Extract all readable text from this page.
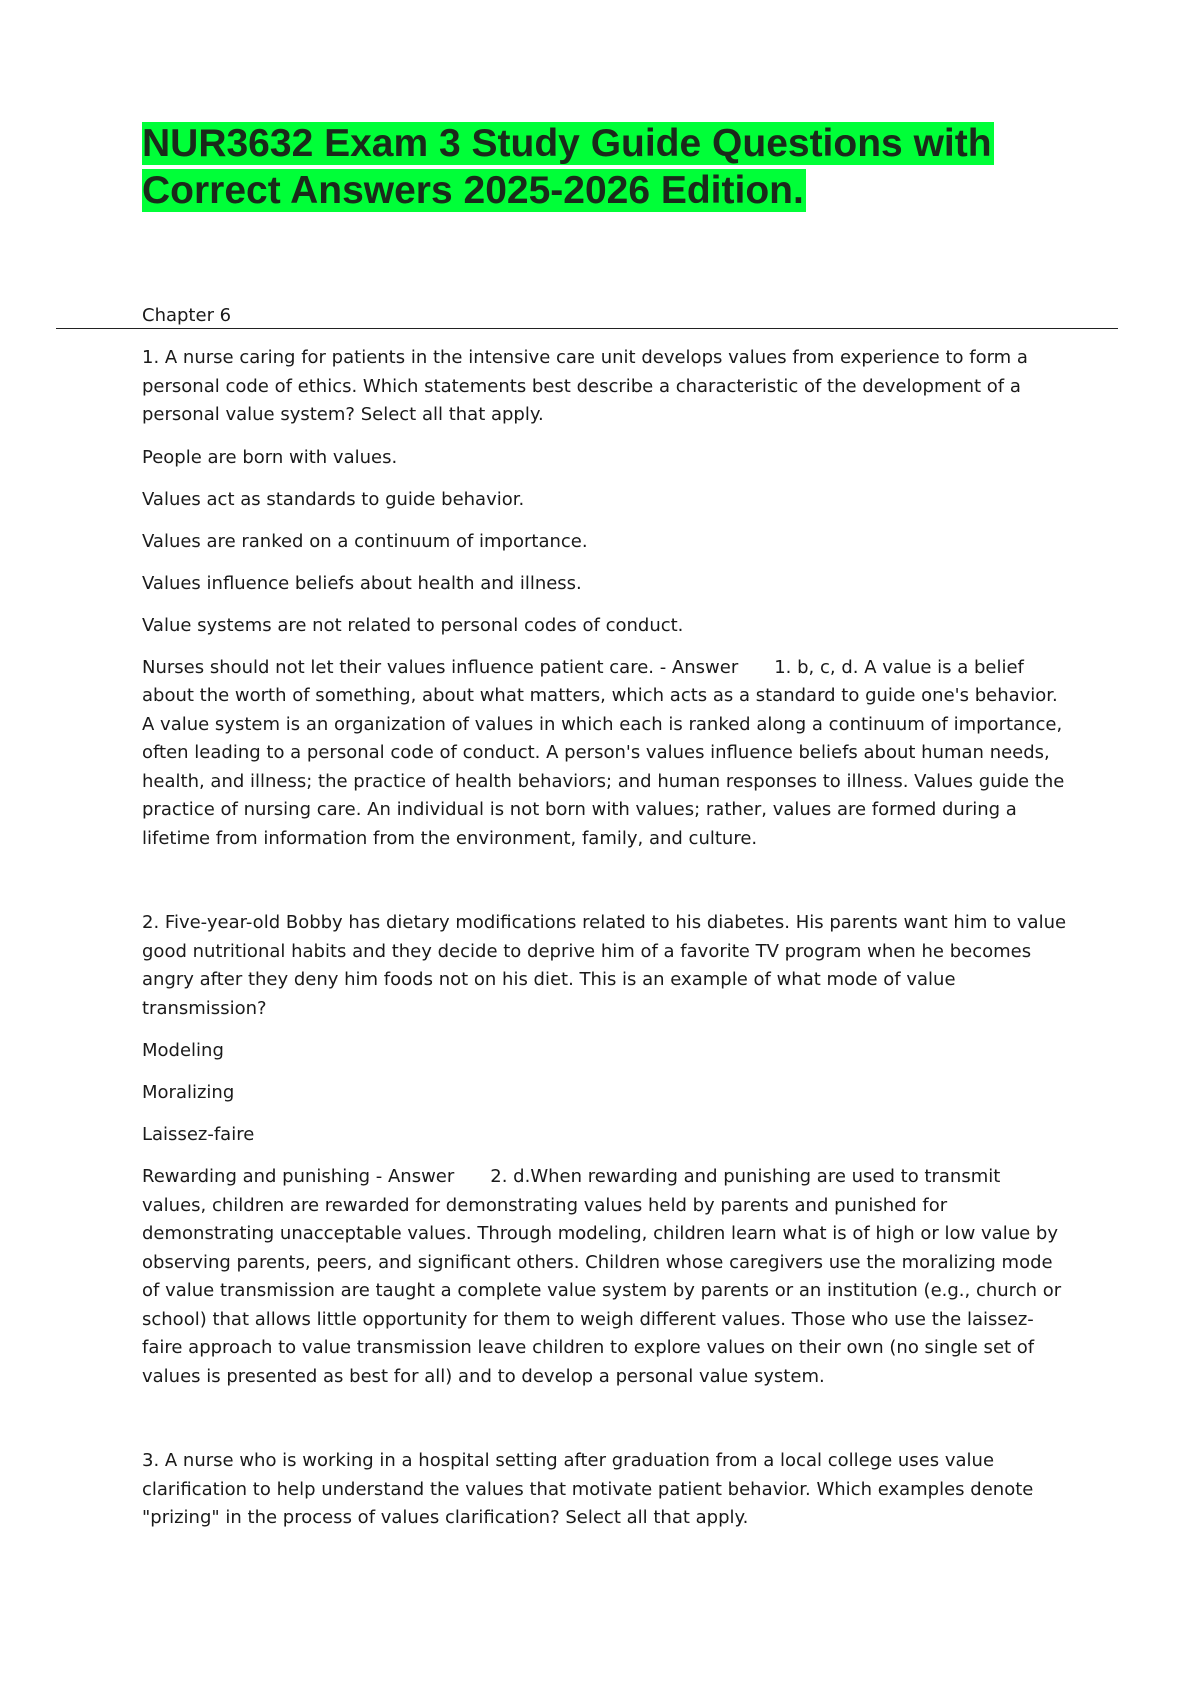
NUR3632 Exam 3 Study Guide Questions with Correct Answers 2025-2026 Edition.

Chapter 6

1. A nurse caring for patients in the intensive care unit develops values from experience to form a personal code of ethics. Which statements best describe a characteristic of the development of a personal value system? Select all that apply.

People are born with values.

Values act as standards to guide behavior.

Values are ranked on a continuum of importance.

Values influence beliefs about health and illness.

Value systems are not related to personal codes of conduct.

Nurses should not let their values influence patient care. - Answer 1. b, c, d. A value is a belief about the worth of something, about what matters, which acts as a standard to guide one's behavior. A value system is an organization of values in which each is ranked along a continuum of importance, often leading to a personal code of conduct. A person's values influence beliefs about human needs, health, and illness; the practice of health behaviors; and human responses to illness. Values guide the practice of nursing care. An individual is not born with values; rather, values are formed during a lifetime from information from the environment, family, and culture.

2. Five-year-old Bobby has dietary modifications related to his diabetes. His parents want him to value good nutritional habits and they decide to deprive him of a favorite TV program when he becomes angry after they deny him foods not on his diet. This is an example of what mode of value transmission?

Modeling

Moralizing

Laissez-faire

Rewarding and punishing - Answer 2. d.When rewarding and punishing are used to transmit values, children are rewarded for demonstrating values held by parents and punished for demonstrating unacceptable values. Through modeling, children learn what is of high or low value by observing parents, peers, and significant others. Children whose caregivers use the moralizing mode of value transmission are taught a complete value system by parents or an institution (e.g., church or school) that allows little opportunity for them to weigh different values. Those who use the laissez-faire approach to value transmission leave children to explore values on their own (no single set of values is presented as best for all) and to develop a personal value system.

3. A nurse who is working in a hospital setting after graduation from a local college uses value clarification to help understand the values that motivate patient behavior. Which examples denote "prizing" in the process of values clarification? Select all that apply.
